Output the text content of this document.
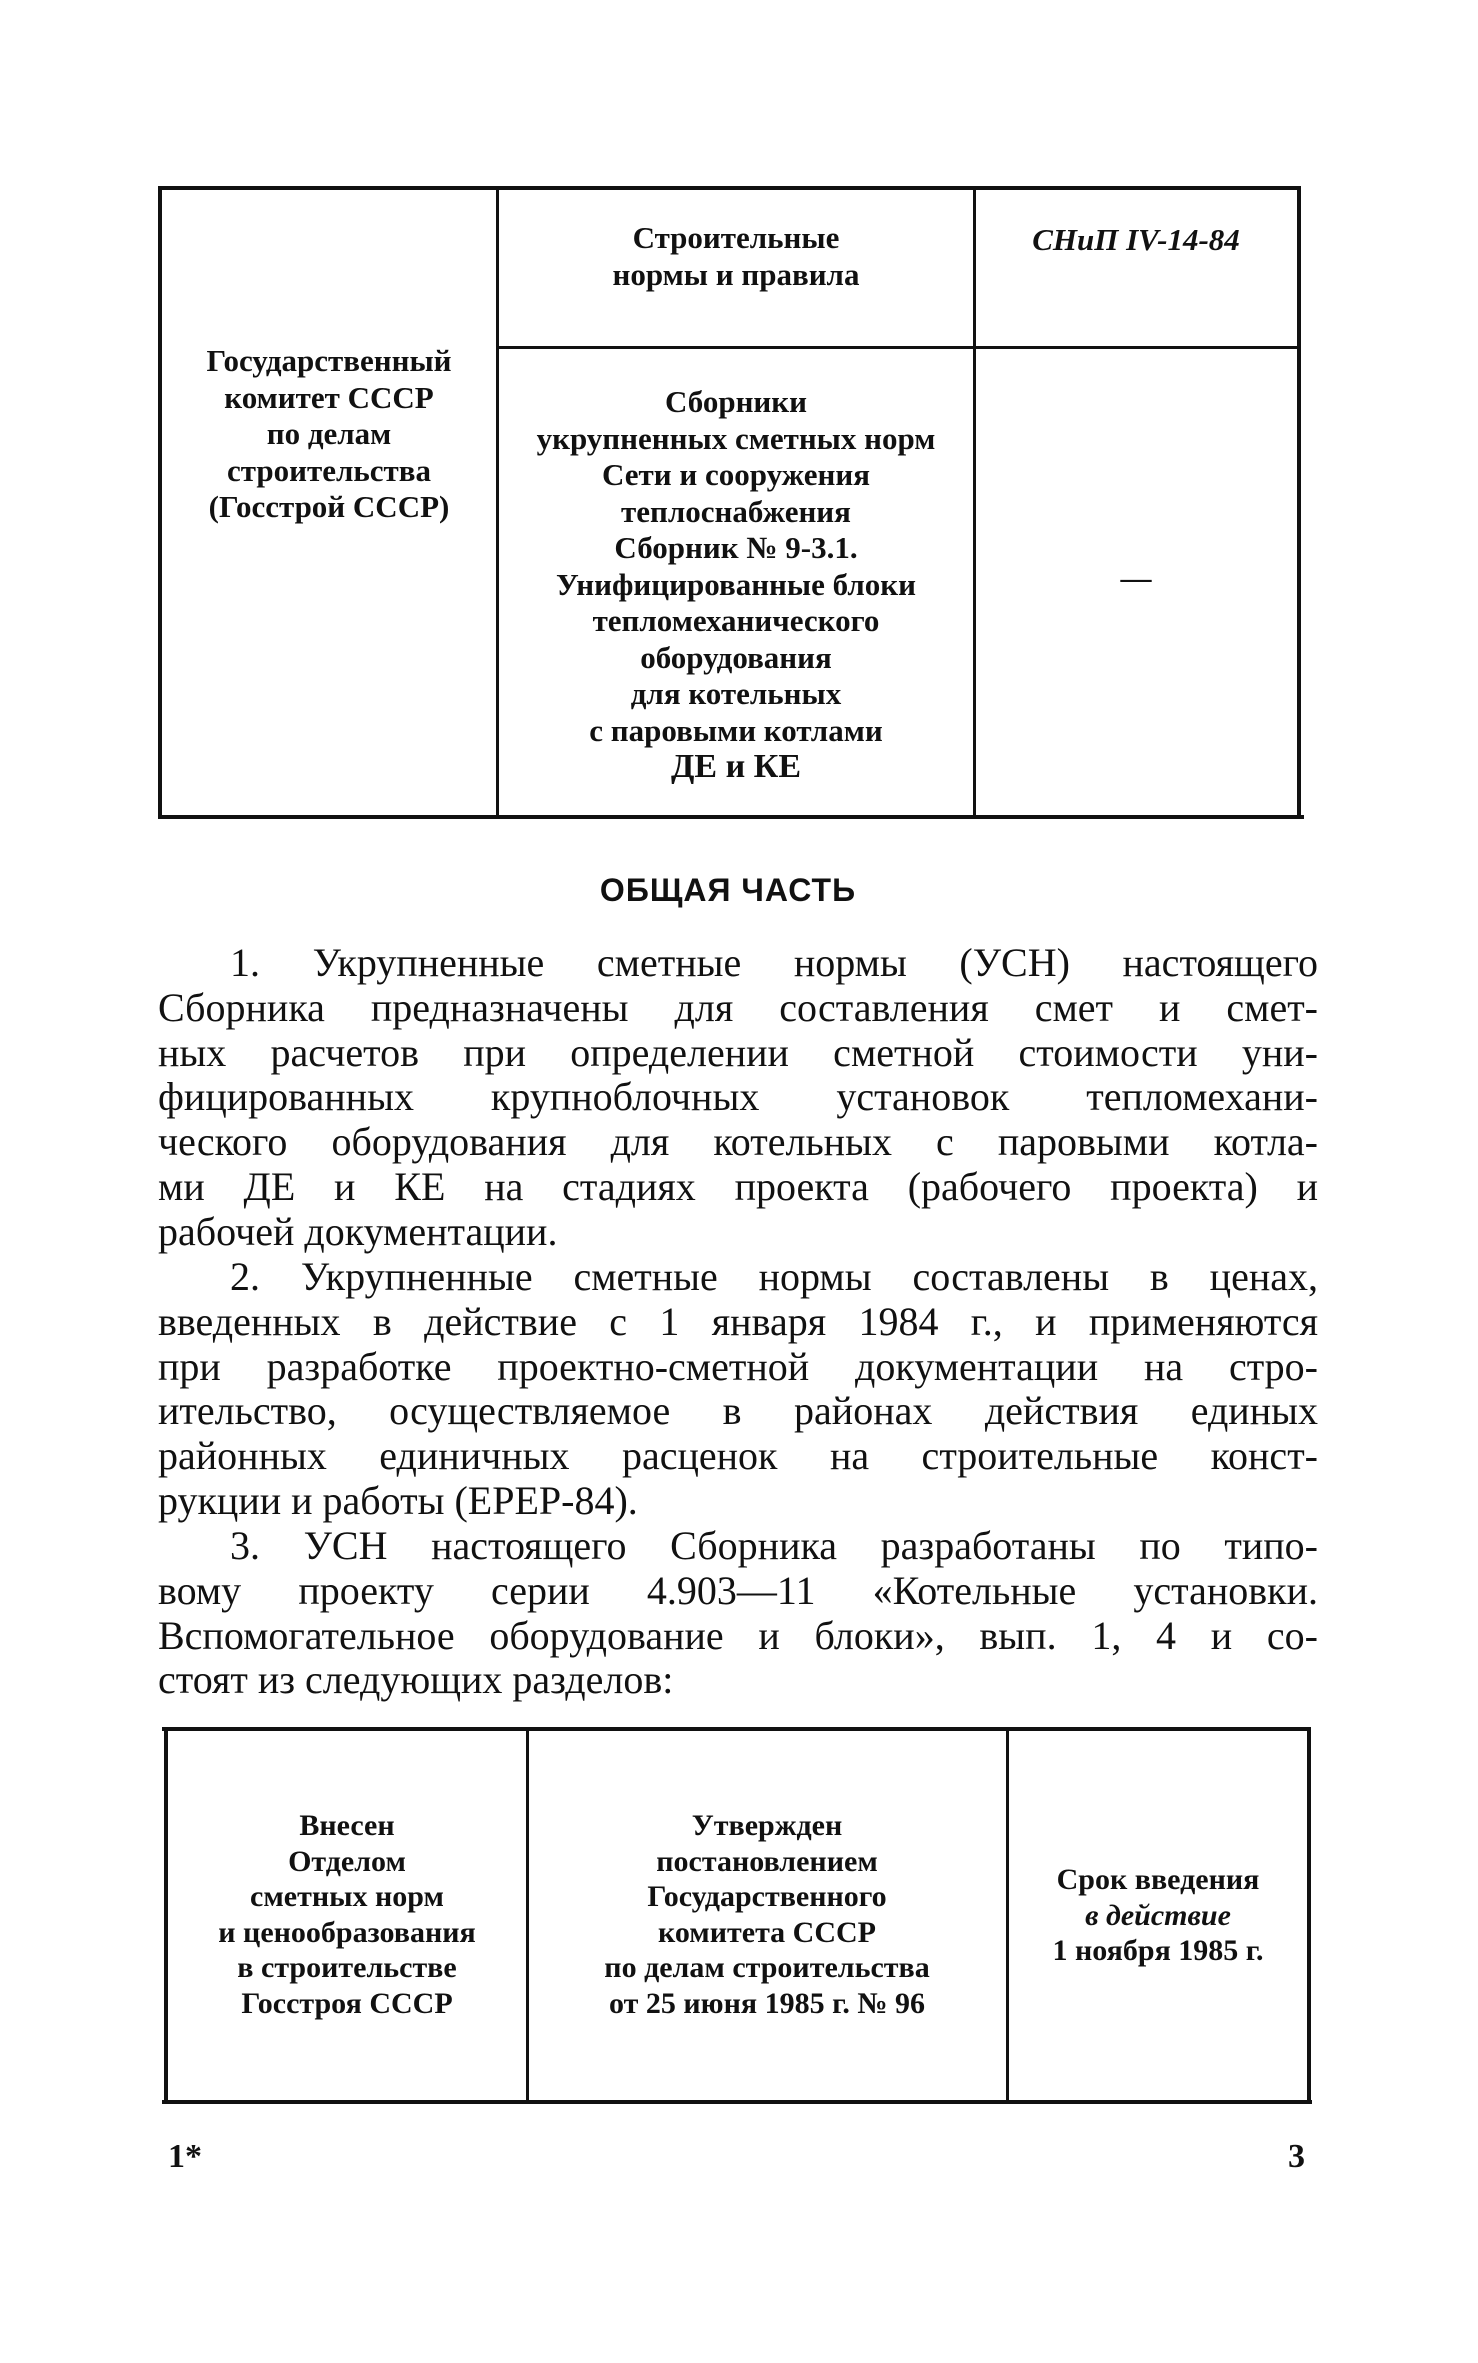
Государственный
комитет СССР
по делам
строительства
(Госстрой СССР)
Строительные
нормы и правила
СНиП IV-14-84
Сборники
укрупненных сметных норм
Сети и сооружения
теплоснабжения
Сборник № 9-3.1.
Унифицированные блоки
тепломеханического
оборудования
для котельных
с паровыми котлами
ДЕ и КЕ
—
ОБЩАЯ ЧАСТЬ
1. Укрупненные сметные нормы (УСН) настоящего
Сборника предназначены для составления смет и смет-
ных расчетов при определении сметной стоимости уни-
фицированных крупноблочных установок тепломехани-
ческого оборудования для котельных с паровыми котла-
ми ДЕ и КЕ на стадиях проекта (рабочего проекта) и
рабочей документации.
2. Укрупненные сметные нормы составлены в ценах,
введенных в действие с 1 января 1984 г., и применяются
при разработке проектно-сметной документации на стро-
ительство, осуществляемое в районах действия единых
районных единичных расценок на строительные конст-
рукции и работы (ЕРЕР-84).
3. УСН настоящего Сборника разработаны по типо-
вому проекту серии 4.903—11 «Котельные установки.
Вспомогательное оборудование и блоки», вып. 1, 4 и со-
стоят из следующих разделов:
Внесен
Отделом
сметных норм
и ценообразования
в строительстве
Госстроя СССР
Утвержден
постановлением
Государственного
комитета СССР
по делам строительства
от 25 июня 1985 г. № 96
Срок введения
в действие
1 ноября 1985 г.
1*	3
